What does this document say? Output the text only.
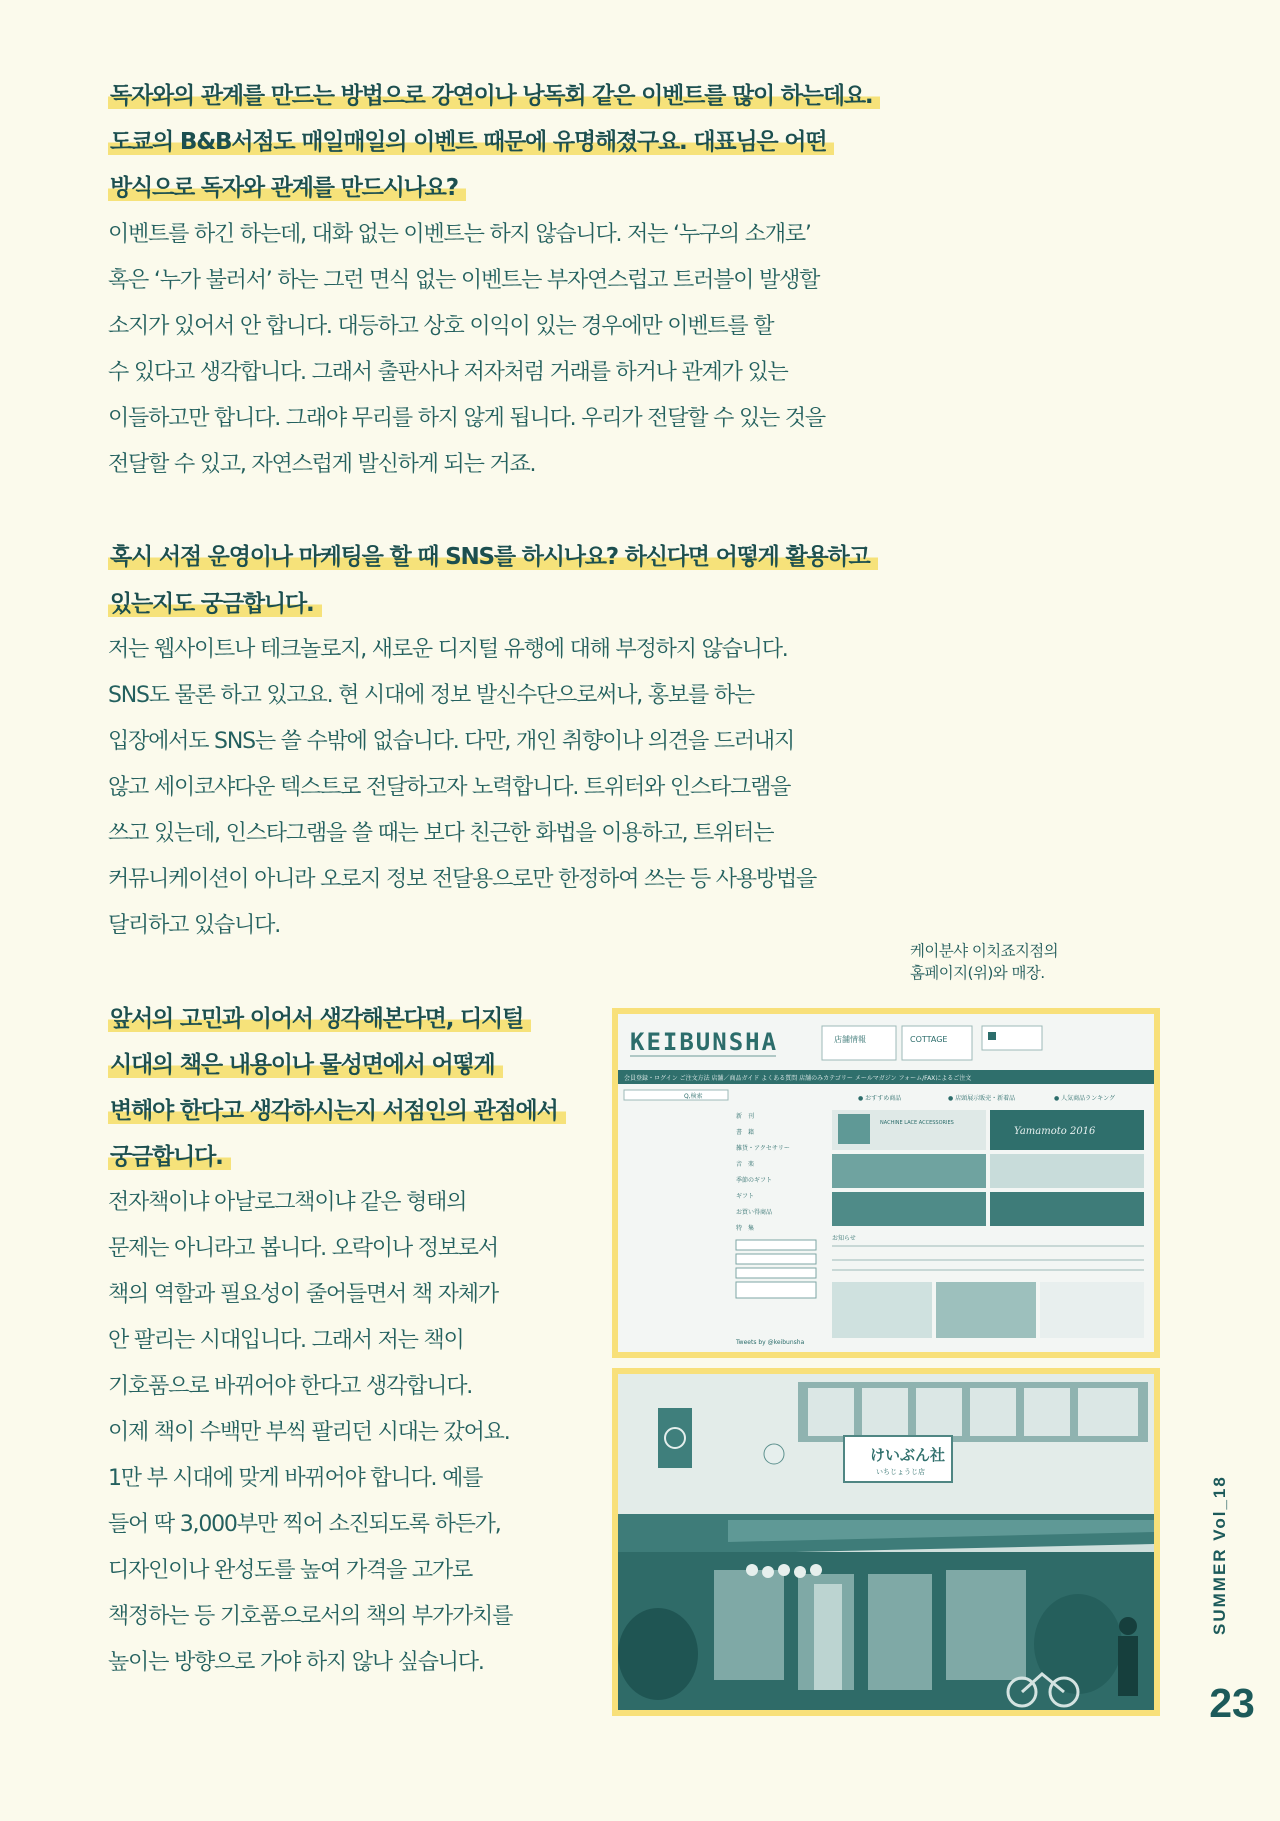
독자와의 관계를 만드는 방법으로 강연이나 낭독회 같은 이벤트를 많이 하는데요.

도쿄의 B&B서점도 매일매일의 이벤트 때문에 유명해졌구요. 대표님은 어떤

방식으로 독자와 관계를 만드시나요?

이벤트를 하긴 하는데, 대화 없는 이벤트는 하지 않습니다. 저는 ‘누구의 소개로’

혹은 ‘누가 불러서’ 하는 그런 면식 없는 이벤트는 부자연스럽고 트러블이 발생할

소지가 있어서 안 합니다. 대등하고 상호 이익이 있는 경우에만 이벤트를 할

수 있다고 생각합니다. 그래서 출판사나 저자처럼 거래를 하거나 관계가 있는

이들하고만 합니다. 그래야 무리를 하지 않게 됩니다. 우리가 전달할 수 있는 것을

전달할 수 있고, 자연스럽게 발신하게 되는 거죠.

혹시 서점 운영이나 마케팅을 할 때 SNS를 하시나요? 하신다면 어떻게 활용하고

있는지도 궁금합니다.

저는 웹사이트나 테크놀로지, 새로운 디지털 유행에 대해 부정하지 않습니다.

SNS도 물론 하고 있고요. 현 시대에 정보 발신수단으로써나, 홍보를 하는

입장에서도 SNS는 쓸 수밖에 없습니다. 다만, 개인 취향이나 의견을 드러내지

않고 세이코샤다운 텍스트로 전달하고자 노력합니다. 트위터와 인스타그램을

쓰고 있는데, 인스타그램을 쓸 때는 보다 친근한 화법을 이용하고, 트위터는

커뮤니케이션이 아니라 오로지 정보 전달용으로만 한정하여 쓰는 등 사용방법을

달리하고 있습니다.

케이분샤 이치죠지점의
홈페이지(위)와 매장.

앞서의 고민과 이어서 생각해본다면, 디지털

시대의 책은 내용이나 물성면에서 어떻게

변해야 한다고 생각하시는지 서점인의 관점에서

궁금합니다.

전자책이냐 아날로그책이냐 같은 형태의

문제는 아니라고 봅니다. 오락이나 정보로서

책의 역할과 필요성이 줄어들면서 책 자체가

안 팔리는 시대입니다. 그래서 저는 책이

기호품으로 바뀌어야 한다고 생각합니다.

이제 책이 수백만 부씩 팔리던 시대는 갔어요.

1만 부 시대에 맞게 바뀌어야 합니다. 예를

들어 딱 3,000부만 찍어 소진되도록 하든가,

디자인이나 완성도를 높여 가격을 고가로

책정하는 등 기호품으로서의 책의 부가가치를

높이는 방향으로 가야 하지 않나 싶습니다.

KEIBUNSHA	店舗情報	COTTAGE
会員登録・ログイン ご注文方法 店舗／商品ガイド よくある質問 店舗のみカテゴリー メールマガジン フォーム/FAXによるご注文
Q,検索	● おすすめ商品	● 店頭展示販売・新着品	● 人気商品ランキング
新　刊
書　籍
雑貨・アクセサリー
音　楽
季節のギフト
ギフト
お買い得商品
特　集
NACHINE LACE ACCESSORIES
Yamamoto 2016
お知らせ
Tweets by @keibunsha
けいぶん社
いちじょうじ店
SUMMER Vol_18
23
